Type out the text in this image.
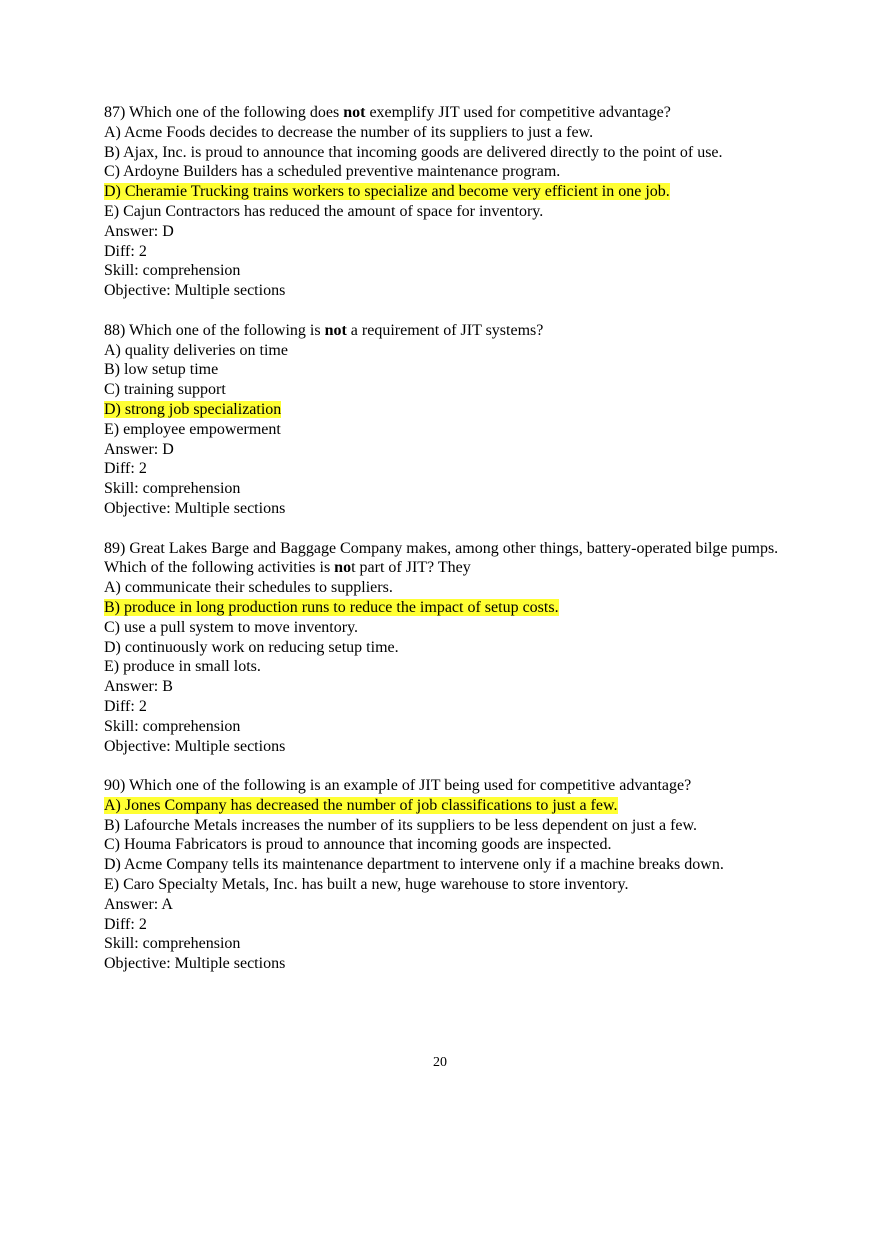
87) Which one of the following does not exemplify JIT used for competitive advantage?
A) Acme Foods decides to decrease the number of its suppliers to just a few.
B) Ajax, Inc. is proud to announce that incoming goods are delivered directly to the point of use.
C) Ardoyne Builders has a scheduled preventive maintenance program.
D) Cheramie Trucking trains workers to specialize and become very efficient in one job.
E) Cajun Contractors has reduced the amount of space for inventory.
Answer: D
Diff: 2
Skill: comprehension
Objective: Multiple sections
88) Which one of the following is not a requirement of JIT systems?
A) quality deliveries on time
B) low setup time
C) training support
D) strong job specialization
E) employee empowerment
Answer: D
Diff: 2
Skill: comprehension
Objective: Multiple sections
89) Great Lakes Barge and Baggage Company makes, among other things, battery-operated bilge pumps. Which of the following activities is not part of JIT? They
A) communicate their schedules to suppliers.
B) produce in long production runs to reduce the impact of setup costs.
C) use a pull system to move inventory.
D) continuously work on reducing setup time.
E) produce in small lots.
Answer: B
Diff: 2
Skill: comprehension
Objective: Multiple sections
90) Which one of the following is an example of JIT being used for competitive advantage?
A) Jones Company has decreased the number of job classifications to just a few.
B) Lafourche Metals increases the number of its suppliers to be less dependent on just a few.
C) Houma Fabricators is proud to announce that incoming goods are inspected.
D) Acme Company tells its maintenance department to intervene only if a machine breaks down.
E) Caro Specialty Metals, Inc. has built a new, huge warehouse to store inventory.
Answer: A
Diff: 2
Skill: comprehension
Objective: Multiple sections
20
